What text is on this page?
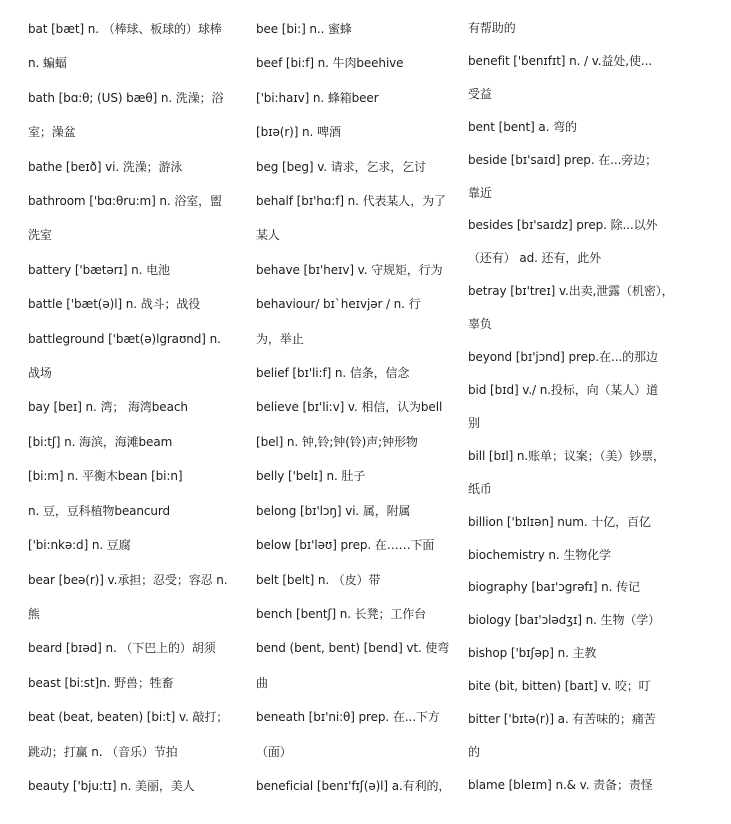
bat [bæt] n. （棒球、板球的）球棒
n. 蝙蝠
bath [bɑ:θ; (US) bæθ] n. 洗澡；浴
室；澡盆
bathe [beɪð] vi. 洗澡；游泳
bathroom ['bɑ:θru:m] n. 浴室，盥
洗室
battery ['bætərɪ] n. 电池
battle ['bæt(ə)l] n. 战斗；战役
battleground ['bæt(ə)lgraʊnd] n.
战场
bay [beɪ] n. 湾； 海湾beach
[bi:tʃ] n. 海滨，海滩beam
[bi:m] n. 平衡木bean [bi:n]
n. 豆，豆科植物beancurd
['bi:nkə:d] n. 豆腐
bear [beə(r)] v.承担；忍受；容忍 n.
熊
beard [bɪəd] n. （下巴上的）胡须
beast [bi:st]n. 野兽；牲畜
beat (beat, beaten) [bi:t] v. 敲打；
跳动；打赢 n. （音乐）节拍
beauty ['bju:tɪ] n. 美丽，美人
bee [bi:] n.. 蜜蜂
beef [bi:f] n. 牛肉beehive
['bi:haɪv] n. 蜂箱beer
[bɪə(r)] n. 啤酒
beg [beg] v. 请求，乞求，乞讨
behalf [bɪ'hɑ:f] n. 代表某人，为了
某人
behave [bɪ'heɪv] v. 守规矩，行为
behaviour/ bɪ`heɪvjər / n. 行
为，举止
belief [bɪ'li:f] n. 信条，信念
believe [bɪ'li:v] v. 相信，认为bell
[bel] n. 钟,铃;钟(铃)声;钟形物
belly ['belɪ] n. 肚子
belong [bɪ'lɔŋ] vi. 属，附属
below [bɪ'ləʊ] prep. 在……下面
belt [belt] n. （皮）带
bench [bentʃ] n. 长凳；工作台
bend (bent, bent) [bend] vt. 使弯
曲
beneath [bɪ'ni:θ] prep. 在...下方
（面）
beneficial [benɪ'fɪʃ(ə)l] a.有利的，
有帮助的
benefit ['benɪfɪt] n. / v.益处,使...
受益
bent [bent] a. 弯的
beside [bɪ'saɪd] prep. 在...旁边；
靠近
besides [bɪ'saɪdz] prep. 除...以外
（还有） ad. 还有，此外
betray [bɪ'treɪ] v.出卖,泄露（机密），
辜负
beyond [bɪ'jɔnd] prep.在...的那边
bid [bɪd] v./ n.投标，向（某人）道
别
bill [bɪl] n.账单；议案；（美）钞票，
纸币
billion ['bɪlɪən] num. 十亿，百亿
biochemistry n. 生物化学
biography [baɪ'ɔgrəfɪ] n. 传记
biology [baɪ'ɔlədʒɪ] n. 生物（学）
bishop ['bɪʃəp] n. 主教
bite (bit, bitten) [baɪt] v. 咬；叮
bitter ['bɪtə(r)] a. 有苦味的；痛苦
的
blame [bleɪm] n.& v. 责备；责怪
